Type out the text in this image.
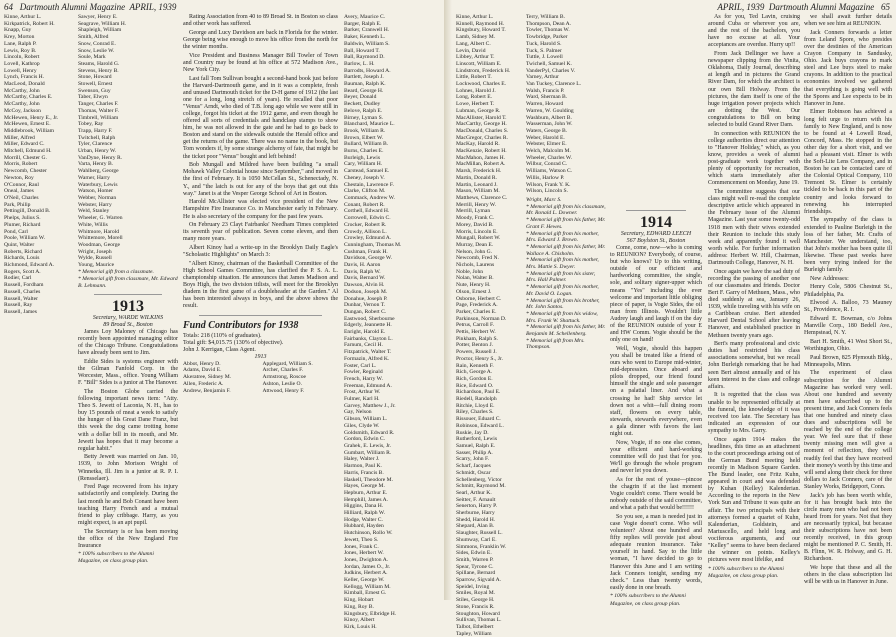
64 Dartmouth Alumni Magazine APRIL, 1939
Kinne, Arthur L.
Kirkpatrick, Robert H.
Knapp, Guy
Krey, Morton
Lane, Ralph P.
Lewis, Roy B.
Lincoln, Robert
Lovell, Kathrop
Lowell, Henry
Lynch, Francis H.
MacLeod, Donald
McCarthy, John
McCarthy, Charles E.
McCarthy, John
McCoy, Jackson
McHewen, Henry E., Jr.
McHewen, Ernest E.
Middlebrook, William
Miller, Alfred
Miller, Edward C.
Mitchell, Edmund H.
Morrill, Chester G.
Morris, Robert
Newcomb, Chester
Newton, Roy
O'Connor, Raul
Oneal, James
O'Neil, Charles
Park, Philip
Pettingill, Donald B.
Phelps, Julius S.
Plumer, Richard
Pond, Carl
Poole, William W.
Quint, Walter
Roberts, Richard
Richards, Louis
Richmond, Edward A.
Rogers, Scott A.
Rodier, Carl
Russell, Fordham
Russell, Charles
Russell, Walter
Russell, Ray
Russell, James
Sawyer, Henry E.
Seagrave, William H.
Shapleigh, William
Smith, Alfred
Snow, Conrad E.
Snow, Leslie W.
Soule, Mark
Steams, Harold G.
Stevens, Henry B.
Stone, Howard
Stowell, Ernest
Swenson, Guy
Taber, Elwyn
Tanger, Charles F.
Thomas, Walter F.
Timbrell, William
Tobey, Ray
Trapp, Harry F.
Twitchell, Ralph
Tyler, Clarence
Urban, Henry W.
VanDyne, Henry R.
Varta, Henry B.
Wahlberg, George
Warner, Harry
Waterbury, Lewis
Watson, Homer
Webber, Norman
Webster, Harry
Weld, Stanley
Wheeler, G. Warren
White, Willis
Whitmore, Harold
Whittemore, Morell
Woodman, George
Wright, Joseph
Wylde, Russell
Young, Maurice
* Memorial gift from a classmate.
* Memorial gift from classmate, Mr. Edward B. Lehmann.
1913
Secretary, WARDE WILKINS
89 Broad St., Boston

James Loy Maloney of Chicago has recently been appointed managing editor of the Chicago Tribune. Congratulations have already been sent to Jim.

Eddie Sides is systems engineer with the Gilman Fanfold Corp. in the Worcester, Mass., office. Young William F. "Bill" Sides is a junior at The Hanover.

The Boston Globe carried the following important news item: "Atty. Theo S. Jewett of Laconia, N. H., has to buy 15 pounds of meat a week to satisfy the hunger of his Great Dane Franz, but this week the dog came trotting home with a dollar bill in its mouth, and Mr. Jewett has hopes that it may become a regular habit."

Betty Jewett was married on Jan. 10, 1939, to John Morison Wright of Winnetka, Ill. Jim is a junior at R. P. I. (Rensselaer).

Fred Page recovered from his injury satisfactorily and completely. During the last month he and Bob Conant have been teaching Harry French and a mutual friend to play cribbage. Harry, as you might expect, is an apt pupil.

The Secretary is or has been moving the office of the New England Fire Insurance

* 100% subscribers to the Alumni Magazine, on class group plan.

Rating Association from 40 to 89 Broad St. in Boston so class and other work has suffered.

George and Lucy Davidson are back in Florida for the winter. George being wise enough to move his office from the north for the winter months.

Vice President and Business Manager Bill Towler of Town and Country may be found at his office at 572 Madison Ave., New York City.

Last fall Tom Sullivan bought a second-hand book just before the Harvard-Dartmouth game, and in it was a complete, fresh and unused Dartmouth ticket for the D-H game of 1912 (the last one for a long, long stretch of years). He recalled that poor "Venus" Arndt, who died of T.B. long ago while we were still in college, forgot his ticket at the 1912 game, and even though he offered all sorts of credentials and handclasp stamps to show him, he was not allowed in the gate and he had to go back to Boston and stand on the sidewalk outside the Herald office and get the returns of the game. There was no name in the book, but Tom wonders if, by some strange alchemy of fate, that might be the ticket poor "Venus" bought and left behind!

Bob Mungall and Mildred have been building "a small Mohawk Valley Colonial house since September," and moved in the first of February. It is 1050 McCellan St., Schenectady, N. Y., and "the latch is out for any of the boys that get out this way." Janet is at the Vesper George School of Art in Boston.

Harold McAllister was elected vice president of the New Hampshire Fire Insurance Co. in Manchester early in February. He is also secretary of the company for the past few years.

On February 23 Clayt Fairbanks' Needham Times completed its seventh year of publication. Seven come eleven, and then many more years.

Albert Kinoy had a write-up in the Brooklyn Daily Eagle's "Scholastic Highlights" on March 3:

"Albert Kinoy, chairman of the Basketball Committee of the High School Games Committee, has clarified the P. S. A. L. championship situation. He announces that James Madison and Boys High, the two division titlists, will meet for the Brooklyn diadem in the first game of a doubleheader at the Garden." Al has been interested always in boys, and the above shows the result.

Fund Contributors for 1938
Totals: 218 (110% of graduates).
Total gift: $4,015.75 (130% of objective).
John J. Kerrigan, Class Agent.
1913
Abbot, Henry D.
Adams, David E.
Akeratree, Sidney M.
Allen, Frederic A.
Andrew, Benjamin F.
Applegard, William S.
Archer, Charles F.
Armstrong, Roscoe
Ashton, Leslie O.
Attwood, Henry F.
Avery, Maurice C.
Barger, Ralph E.
Barker, Cranwell H.
Baker, Kenneth L.
Baldwin, William S.
Ball, Howard T.
Ball, Raymond D.
Barlow, L. H.
Barrodts, Howard A.
Bartlett, Joseph J.
Bauman, Ralph K.
Beard, George H.
Beyer, Donald
Beckett, Dudley
Belove, Ralph E.
Birney, Lyman S.
Blanchard, Maurice L.
Brook, William R.
Brown, Elbert W.
Bullard, William B.
Burns, Charles E.
Burleigh, Lewis
Cary, William H.
Carstead, Samuel E.
Cheney, Joseph V.
Chestain, Lawrence F.
Clarke, Clifton M.
Commack, Andrew W.
Conant, Robert R.
Corthell, Edward H.
Corrowell, Edwin C.
Crocker, Robert R.
Crowdy, Allison L.
Crowley, Edmund A.
Cunningham, Thomas M.
Cushman, Frank H.
Davidson, George W.
Davis, H. Aaron
Davis, Ralph W.
Davis, Bernard W.
Dawson, Alvin H.
Dodson, Joseph M.
Donahue, Joseph P.
Dunbar, Vernon T.
Dungan, Robert C.
Eastwood, Sherbourne
Edgerly, Jeannette H.
Enright, Harold E.
Fairbanks, Clayton L.
Farnum, Cecil H.
Fitzpatrick, Walter T.
Formazin, Alfred K.
Foster, Carl L.
Fowler, Reginald
French, Harry W.
Freeman, Edmund A.
Frost, Arthur W.
Fulmer, Karl H.
Garvey, Matthew J., Jr.
Gay, Nelson
Gibson, William L.
Giles, Clyde W.
Goldsmith, Edward R.
Gordon, Edwin C.
Grahek, E. Lewis, Jr.
Gumbart, William R.
Haley, Walter J.
Harmon, Paul K.
Harris, Francis B.
Haskell, Theodore M.
Hayes, George M.
Hepburn, Arthur E.
Hemphill, James A.
Higgins, Dana H.
Hilliard, Ralph W.
Hodge, Walter C.
Hubbard, Hayden
Hutchinson, Rollo W.
Jewett, Theo S.
Jones, Frank C.
Jones, Herbert W.
Jones, Dwighton A.
Jordan, James O., Jr.
Judkins, Herbert A.
Keller, George W.
Kellogg, William M.
Kimball, Ernest G.
King, Hobart
King, Roy B.
Kingsbury, Elbridge H.
Kinoy, Albert
Kirk, Louis H.
APRIL, 1939 Dartmouth Alumni Magazine 65
Kinne, Arthur L.
Kinnell, Raymond H.
Kingsbury, Howard T.
Lamb, Sidney M.
Lang, Albert C.
Levin, David
Libbey, Arthur T.
Linscott, William E.
Lindstrom, Frederick H.
Little, Robert T.
Lockwood, Charles E.
Lohnes, Harold J.
Long, Robert E.
Lowe, Herbert T.
Lubman, George R.
MacAllister, Harold T.
MacCarthy, George H.
MacDonald, Charles S.
MacGregor, Charles R.
MacKay, Harold R.
MacKenzie, Robert H.
MacMahon, James H.
MacMillan, Robert A.
Marsh, Frederick H.
Martin, Donald R.
Martin, Leonard J.
Mason, William M.
Matthews, Clarence C.
Merrill, Henry W.
Merrill, Lyman
Moody, Frank C.
Morey, David B.
Morris, Lincoln E.
Mungall, Robert W.
Murray, Dean E.
Nelson, John G.
Newcomb, Fred N.
Nichols, Laurens
Noble, John
Nolan, Walter B.
Nute, Henry H.
Olson, Ernest J.
Osborne, Herbert C.
Page, Frederick A.
Parker, Charles E.
Parkinson, Norman D.
Petrus, Carroll F.
Pettis, Herbert W.
Pinkham, Ralph S.
Potter, Benton J.
Powers, Russell J.
Proctor, Henry S., Jr.
Rain, Kenneth F.
Rich, George A.
Rich, Gordon E.
Rice, Edward O.
Richardson, Paul E.
Riedell, Randolph
Ritchie, Lloyd E.
Riley, Charles S.
Rissouer, Eduard C.
Robinson, Edward L.
Ruskie, Jay D.
Rutherford, Lewis
Samuel, Ralph E.
Sasser, Philip A.
Scarry, John F.
Scharf, Jacques
Schmidt, Oscar
Schellenberg, Victor
Schmitt, Raymond M.
Searl, Arthur K.
Seitter, F. Arnault
Senerton, Harry P.
Sherburne, Harry
Shedd, Harold H.
Shepard, Alan B.
Slaughter, Russell L.
Shumway, Carl E.
Simmons, Franklin W.
Sides, Edwin E.
Smith, Warren P.
Spear, Tyrone C.
Spillane, Bernard
Sparrow, Sigvald A.
Speidel, Irving
Smiles, Royal M.
Stiles, George H.
Stone, Francis R.
Stoughton, Howard
Sullivan, Thomas L.
Talbot, Ethelbert
Tapley, William
Terry, William B.
Thompson, Dean A.
Towler, Thomas W.
Towbridge, Parker
Tuck, Harold S.
Tuck, S. Palmer
Tuttle, J. Lowell
Twichell, Samuel K.
VanderPyl, Charles V.
Varney, Arthur
Van Tuckey, Clarence L.
Walsh, Francis P.
Ward, Sherman B.
Warren, Howard
Warren, W. Goulding
Washburn, Albert B.
Wasserman, John W.
Waters, George B.
Weber, Harold E.
Webster, Elmer E.
Welch, Malcolm M.
Wheeler, Charles W.
Wilbur, Conrad C.
Williams, Watson C.
Willis, Harlow P.
Wilson, Frank Y. K.
Wilson, Lincoln S.
Wright, Marc S.
* Memorial gift from his classmate, Mr. Ronald L. Downer.
* Memorial gift from his father, Mr. Grant F. Hewes.
* Memorial gift from his mother, Mrs. Edward J. Brown.
* Memorial gift from his father, Mr. Wallace A. Chisholm.
* Memorial gift from his mother, Mrs. Mattie S. Dwyer.
* Memorial gift from his sister, Mrs. Hall Palmer.
* Memorial gift from his mother, Mr. David O. Logan.
* Memorial gift from his brother, Mr. John Santos.
* Memorial gift from his widow, Mrs. Frank W. Shattuck.
* Memorial gift from his father, Mr. Benjamin M. Schellenberg.
* Memorial gift from Mrs. Thompson.
1914
Secretary, EDWARD LEECH
567 Boylston St., Boston

Come, come, now—who is coming to REUNION? Everybody, of course, but who knows? Up to this writing, outside of our efficient and hardworking committee, the single, sole, and solitary signer-upper which means "Yes" including the ever welcome and important little obliging piece of paper, is Vogie Sides, the oil man from Illinois. Wouldn't little Audrey laugh and laugh if on the day of the REUNION outside of your E and HW Comm. Vogie should be the only one on hand!

Well, Vogie, should this happen you shall be treated like a friend of ours who went to Europe mid-winter, mid-depression. Once aboard and pilots dropped, our friend found himself the single and sole passenger on a palatial liner. And what a crossing he had! Ship service let down not a whit—full dining room staff, flowers on every table, stewards, stewards everywhere, even a gala dinner with favors the last night out.

Now, Vogie, if no one else comes, your efficient and hard-working committee will do just that for you. We'll go through the whole program and never let you down.

As for the rest of youse—pincoe the chagrin if at the last moment Vogie couldn't come. There would be nobody outside of the said committee, and what a path that would be!!!!!!

So you see, a man is needed just in case Vogie doesn't come. Who will volunteer? About one hundred and fifty replies will provide just about adequate reunion insurance. Take yourself in hand. Say to the little woman, "I have decided to go to Hanover this June and I am writing Jack Conners tonight, sending my check." Less than twenty words, easily done in one breath.

* 100% subscribers to the Alumni Magazine, on class group plan.

As for you, Ted Lavin, cruising around Cuba or wherever you are, and the rest of the bachelors, you have no excuse at all. Your acceptances are overdue. Hurry up!!

From Jack Dellinger we have a newspaper clipping from the Vinita, Oklahoma, Daily Journal, describing at length and in pictures the Grand River Dam, for which the architect is our own Bill Holway. From the pictures, the dam itself is one of the huge irrigation power projects which are dotting the West. Our congratulations to Bill on being selected to build Grand River Dam.

In connection with REUNION the college authorities direct our attention to "Hanover Holiday," which, as you know, provides a week of alumni post-graduate work together with plenty of opportunity for recreation, which starts immediately after Commencement on Monday, June 19.

The committee suggests that our class might well re-read the complete descriptive article which appeared in the February issue of the Alumni Magazine. Last year some twenty-odd 1918 men with their wives extended their Reunion to include this study week and apparently found it well worth while. For further information address: Herbert W. Hill, Chairman, Dartmouth College, Hanover, N. H.

Once again we have the sad duty of recording the passing of another one of our classmates and friends. Doctor Bert F. Garry of Methuen, Mass., who died suddenly at sea, January 26, 1939, while traveling with his wife on a Caribbean cruise. Bert attended Harvard Dental School after leaving Hanover, and established practice in Methuen twenty years ago.

Bert's many professional and civic duties had restricted his class associations somewhat, but we recall John Burleigh remarking that he had seen Bert almost annually and of his keen interest in the class and college affairs.

It is regretted that the class was unable to be represented officially at the funeral, the knowledge of it was received too late. The Secretary has indicated an expression of our sympathy to Mrs. Garry.

Once again 1914 makes the headlines, this time as an attachment to the court proceedings arising out of the German Bund meeting held recently in Madison Square Garden. The Bund leader, one Fritz Kuhn, appeared in court and was defended by Kuhan (Kelley) Kalenderian. According to the reports in the New York Sun and Tribune it was quite an affair. The two principals with their attorneys formed a quartet of Kuhn, Kalenderian, Goldstein, and Martuscello, and held long and vociferous arguments, and our "Kelley" seems to have been declared the winner on points. Kelley's pictures were most lifelike, and

* 100% subscribers to the Alumni Magazine, on class group plan.

we shall await further details when we see him at REUNION.

Jack Conners forwards a letter from Leland Spore, who presides over the destinies of the American Crayon Company in Sandusky, Ohio. Jack buys crayons to mark steel and Lee buys steel to make crayons. In addition to the practical economies involved we gathered that everything is going well with the Spores and Lee expects to be in Hanover in June.

Elmer Robinson has achieved a long felt urge to return with his family to New England, and is now to be found at 4 Lowell Road, Concord, Mass. He stopped in the other day for a short visit, and we had a pleasant visit. Elmer is with the Soft-Lite Lens Company, and in Boston he can be contacted care of the Colonial Optical Company, 110 Tremont St. Elmer is certainly tickled to be back in this part of the country and looks forward to renewing his interrupted friendships.

The sympathy of the class is extended to Pauline Burleigh in the loss of her father, Mr. Crafts of Manchester. We understand, too, that John's mother has been quite ill likewise. These past weeks have been very trying indeed for the Burleigh family.

New Addresses:

Henry Cole, 5806 Chestnut St., Philadelphia, Pa.

Elwood A. Balloo, 73 Mauney St., Providence, R. I.

Edward E. Bowman, c/o Johns Manville Corp., 180 Bedell Ave., Hempstead, N. Y.

Bart H. Smith, 41 West Short St., Worthington, Ohio.

Paul Brown, 825 Plymouth Bldg., Minneapolis, Minn.

The experiment of class subscription for the Alumni Magazine has worked very well. About one hundred and seventy men have subscribed up to the present time, and Jack Conners feels that one hundred and ninety class dues and subscriptions will be reached by the end of the college year. We feel sure that if these twenty missing men will give a moment of reflection, they will readily feel that they have received their money's worth by this time and will send along their check for three dollars to Jack Conners, care of the Stanley Works, Bridgeport, Conn.

Jack's job has been worth while, for it has brought back into the circle many men who had not been heard from for years. Not that they are necessarily typical, but because their subscriptions have not been recently received, in this group might be mentioned P. C. Smith, H. B. Flinn, W. R. Holway, and G. H. Richardson.

We hope that these and all the others in the class subscription list will be with us in Hanover in June.
